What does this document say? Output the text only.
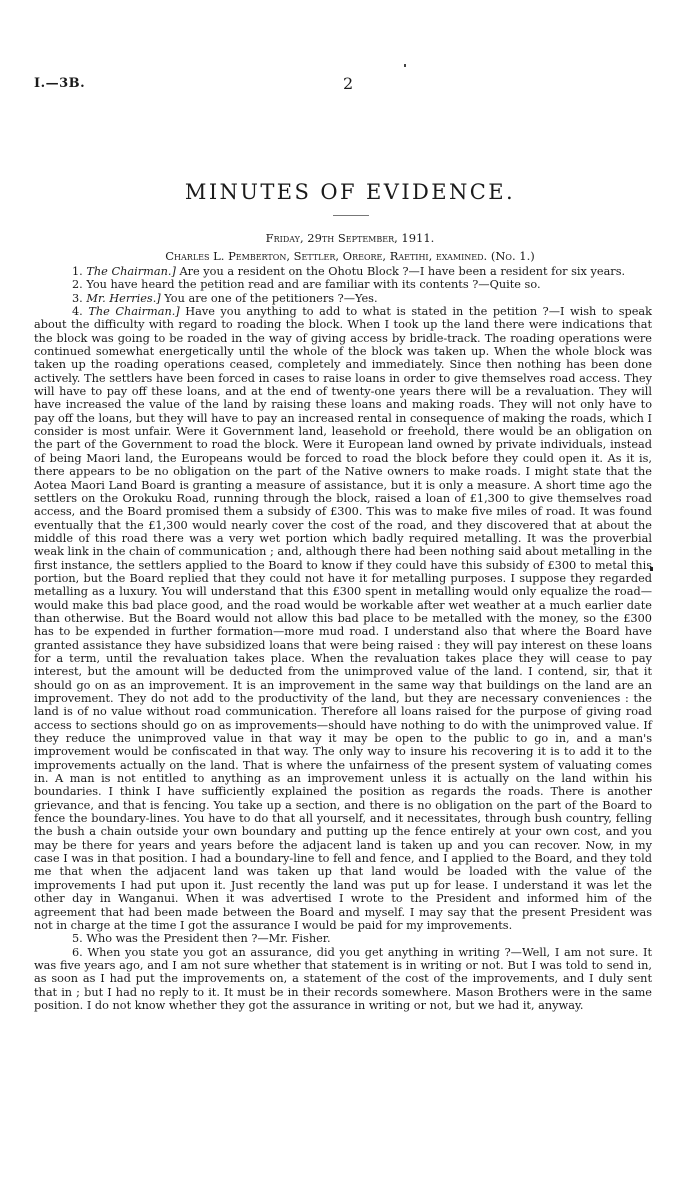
I.—3B.	2
MINUTES OF EVIDENCE.
Friday, 29th September, 1911.
Charles L. Pemberton, Settler, Oreore, Raetihi, examined. (No. 1.)

1. The Chairman.] Are you a resident on the Ohotu Block ?—I have been a resident for six years.

2. You have heard the petition read and are familiar with its contents ?—Quite so.

3. Mr. Herries.] You are one of the petitioners ?—Yes.

4. The Chairman.] Have you anything to add to what is stated in the petition ?—I wish to speak about the difficulty with regard to roading the block. When I took up the land there were indications that the block was going to be roaded in the way of giving access by bridle-track. The roading operations were continued somewhat energetically until the whole of the block was taken up. When the whole block was taken up the roading operations ceased, completely and immediately. Since then nothing has been done actively. The settlers have been forced in cases to raise loans in order to give themselves road access. They will have to pay off these loans, and at the end of twenty-one years there will be a revaluation. They will have increased the value of the land by raising these loans and making roads. They will not only have to pay off the loans, but they will have to pay an increased rental in consequence of making the roads, which I consider is most unfair. Were it Government land, leasehold or freehold, there would be an obligation on the part of the Government to road the block. Were it European land owned by private individuals, instead of being Maori land, the Europeans would be forced to road the block before they could open it. As it is, there appears to be no obligation on the part of the Native owners to make roads. I might state that the Aotea Maori Land Board is granting a measure of assistance, but it is only a measure. A short time ago the settlers on the Orokuku Road, running through the block, raised a loan of £1,300 to give themselves road access, and the Board promised them a subsidy of £300. This was to make five miles of road. It was found eventually that the £1,300 would nearly cover the cost of the road, and they discovered that at about the middle of this road there was a very wet portion which badly required metalling. It was the proverbial weak link in the chain of communication ; and, although there had been nothing said about metalling in the first instance, the settlers applied to the Board to know if they could have this subsidy of £300 to metal this portion, but the Board replied that they could not have it for metalling purposes. I suppose they regarded metalling as a luxury. You will understand that this £300 spent in metalling would only equalize the road—would make this bad place good, and the road would be workable after wet weather at a much earlier date than otherwise. But the Board would not allow this bad place to be metalled with the money, so the £300 has to be expended in further formation—more mud road. I understand also that where the Board have granted assistance they have subsidized loans that were being raised : they will pay interest on these loans for a term, until the revaluation takes place. When the revaluation takes place they will cease to pay interest, but the amount will be deducted from the unimproved value of the land. I contend, sir, that it should go on as an improvement. It is an improvement in the same way that buildings on the land are an improvement. They do not add to the productivity of the land, but they are necessary conveniences : the land is of no value without road communication. Therefore all loans raised for the purpose of giving road access to sections should go on as improvements—should have nothing to do with the unimproved value. If they reduce the unimproved value in that way it may be open to the public to go in, and a man's improvement would be confiscated in that way. The only way to insure his recovering it is to add it to the improvements actually on the land. That is where the unfairness of the present system of valuating comes in. A man is not entitled to anything as an improvement unless it is actually on the land within his boundaries. I think I have sufficiently explained the position as regards the roads. There is another grievance, and that is fencing. You take up a section, and there is no obligation on the part of the Board to fence the boundary-lines. You have to do that all yourself, and it necessitates, through bush country, felling the bush a chain outside your own boundary and putting up the fence entirely at your own cost, and you may be there for years and years before the adjacent land is taken up and you can recover. Now, in my case I was in that position. I had a boundary-line to fell and fence, and I applied to the Board, and they told me that when the adjacent land was taken up that land would be loaded with the value of the improvements I had put upon it. Just recently the land was put up for lease. I understand it was let the other day in Wanganui. When it was advertised I wrote to the President and informed him of the agreement that had been made between the Board and myself. I may say that the present President was not in charge at the time I got the assurance I would be paid for my improvements.

5. Who was the President then ?—Mr. Fisher.

6. When you state you got an assurance, did you get anything in writing ?—Well, I am not sure. It was five years ago, and I am not sure whether that statement is in writing or not. But I was told to send in, as soon as I had put the improvements on, a statement of the cost of the improvements, and I duly sent that in ; but I had no reply to it. It must be in their records somewhere. Mason Brothers were in the same position. I do not know whether they got the assurance in writing or not, but we had it, anyway.
